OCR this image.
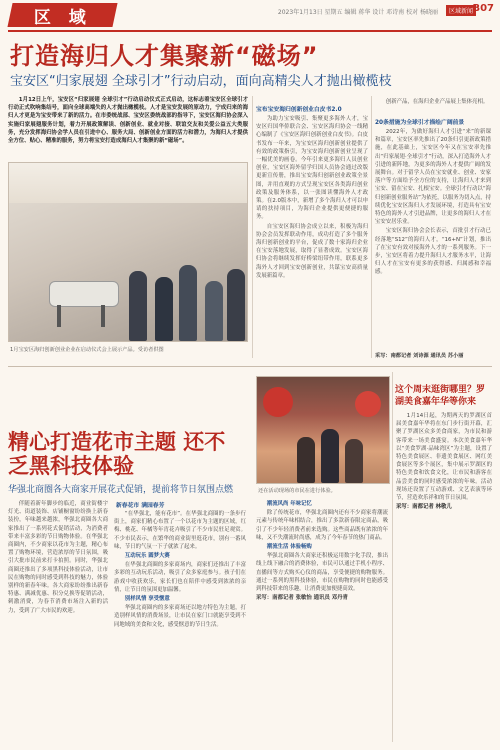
区 域	2023年1月13日 星期五 编辑 蒋华 设计 邓诗南 校对 杨晓丽	区域新闻 B07
打造海归人才集聚新“磁场”
宝安区“归家展翅 全球引才”行动启动，面向高精尖人才抛出橄榄枝

1月12日上午，宝安区“归家展翅 全球引才”行动启动仪式正式启动，这标志着宝安区全球引才行动正式吹响集结号，面向全球高端失的人才抛出橄榄枝。人才是宝安发展的原动力，宁成归来的海归人才更是为宝安带来了新的活力。在市委统战部、宝安区委统战部的指导下，宝安区海归协会深入实施归家展翅服务计划，着力开展政策解读、创新创业、就业对接、联谊交友和关爱公益五大类服务，充分发挥海归协会学人员在引进中心、服务大局、创新创业方面的活力和潜力，为海归人才提供全方位、贴心、精准的服务，努力将宝安打造成海归人才集聚的新“磁场”。

1月宝安区海归创新创业企业在启动仪式会上展示产品。受访者供图
宝布宝安海归创新创业白皮书2.0

为助力宝安吸引、集聚更多海外人才，宝安区归国华侨联合会、宝安区海归协会一线精心编制了《宝安区海归创新创业白皮书》。白皮书发布一年来，为宝安区海归创新创业提供了有效的政策指引，为宝安海归创新创业呈现了一幅优美的画卷。今年引来更多海归人员创业创业，宝安区海外留学归国人员协会通过改版更新宣传册，推出宝安海归创新创业政策全景图，并用直观的方式呈现宝安区各类海归创业政策及服务体系，以一张图读懂海外人才政策。在2.0版本中，新增了多个海归人才可以申请的扶持项目，为海归企业提供更便捷的服务。

自宝安区海归协会成立以来，积极为海归协会会员发挥联动作用，成功打造了多个服务海归创新创业的平台，促成了数十家海归企业在宝安落地发展，取得了显著成效。宝安区海归协会将继续发挥好桥梁纽带作用，联系更多海外人才回到宝安创新创业，共谋宝安高质量发展新篇章。

创新产品，在海归企业产品展上集体亮相。

20条措施为全球引才描绘广阔前景

2022年，为做好海归人才引进“来”的新课和篇章，宝安区率先推出了20条归引更新政策措施，在此基础上，宝安区今年又在宝安率先推出“归家展翅·全球引才”行动，深入打造海外人才引进的新阵地，为更多的海外人才提供广阔的发展舞台。对于留学人员在宝安就业、创业、安家落户等方面给予全方位的支持，让海归人才来到宝安、留在宝安、扎根宝安。全球引才行动以“海归创新创业服务站”为依托，以服务为切入点，持续优化宝安区海归人才发展环境，打造具有宝安特色的海外人才引进品牌，让更多的海归人才在宝安安居乐业。

宝安区海归协会会长表示，首批引才行动已经落地“S12”的海归人才，“16+N”计划，推出了在宝安有效对接海外人才的一系列服务。下一步，宝安区将着力提升海归人才服务水平，让海归人才在宝安有更多的获得感、归属感和幸福感。

采写：南都记者 刘诗源 通讯员 苏小丽
精心打造花市主题 还不乏黑科技体验
华强北商圈各大商家开展花式促销，提前将节日氛围点燃

伴随着新年脚步的临近，商业街楼宇灯光、街道装饰、店铺橱窗纷纷换上新春装扮，年味越来越浓，华强北商圈各大商家推出了一系列花式促销活动，为消费者带来丰富多彩的节日购物体验。在华强北商圈内，不少商家以花市为主题，精心布置了购物环境，营造浓厚的节日氛围，吸引大批市民前来打卡拍照。同时，华强北商圈还推出了多项黑科技体验活动，让市民在购物的同时感受到科技的魅力，体验别样的新春年味。各大商家纷纷推出新春特惠、满减优惠、积分兑换等促销活动，刺激消费，为春节消费市场注入新的活力，受到了广大市民的欢迎。

还在活动现场的市民在进行体验。
新春花市 满园春芳

“在华强北，能有花市”。在华强北商圈的一条步行街上，商家们精心布置了一个以花市为主题的区域，红梅、桃花、年橘等年宵花卉吸引了不少市民驻足观赏。不少市民表示，在繁华的商业街里逛花市，别有一番风味，节日的气氛一下子就浓了起来。

互动玩乐 圆梦大赛

在华强北商圈的多家商场内，商家们还推出了丰富多彩的互动玩乐活动，吸引了众多家庭参与。孩子们在游戏中收获欢乐，家长们也在陪伴中感受到浓浓的亲情，让节日的氛围更加温馨。

别样风情 享受惬意

华强北商圈内的多家商场还以地方特色为主题，打造别样风情的消费场景，让市民在家门口就能享受到不同地域的美食和文化，感受惬意的节日生活。

潮流风尚 年味记忆

除了传统花市，华强北商圈内还有不少商家将潮流元素与传统年味相结合，推出了多款新春限定商品，吸引了不少年轻消费者前来选购。这些商品既有浓浓的年味，又不失潮流时尚感，成为了今年春节的热门商品。

潮流生活 体验畅购

华强北商圈各大商家还积极运用数字化手段，推出线上线下融合的消费体验，市民可以通过手机小程序、直播间等方式购买心仪的商品，享受便捷的购物服务。通过一系列的黑科技体验，市民在购物的同时也能感受到科技带来的乐趣，让消费更加便捷高效。

采写：南都记者 张敏怡 通讯员 邓丹青

这个周末逛街哪里？罗湖美食嘉年华等你来

1月14日起，为期两天的罗湖区首届美食嘉年华将在东门步行街开幕，汇聚了罗湖区众多美食商家，为市民和游客带来一场美食盛宴。本次美食嘉年华以“美食罗湖·品味湾区”为主题，设置了特色美食展区、非遗美食展区、网红美食展区等多个展区，集中展示罗湖区的特色美食和饮食文化，让市民和游客在品尝美食的同时感受浓浓的年味。活动现场还设置了互动游戏、文艺表演等环节，营造欢乐祥和的节日氛围。

采写：南都记者 林敬儿
